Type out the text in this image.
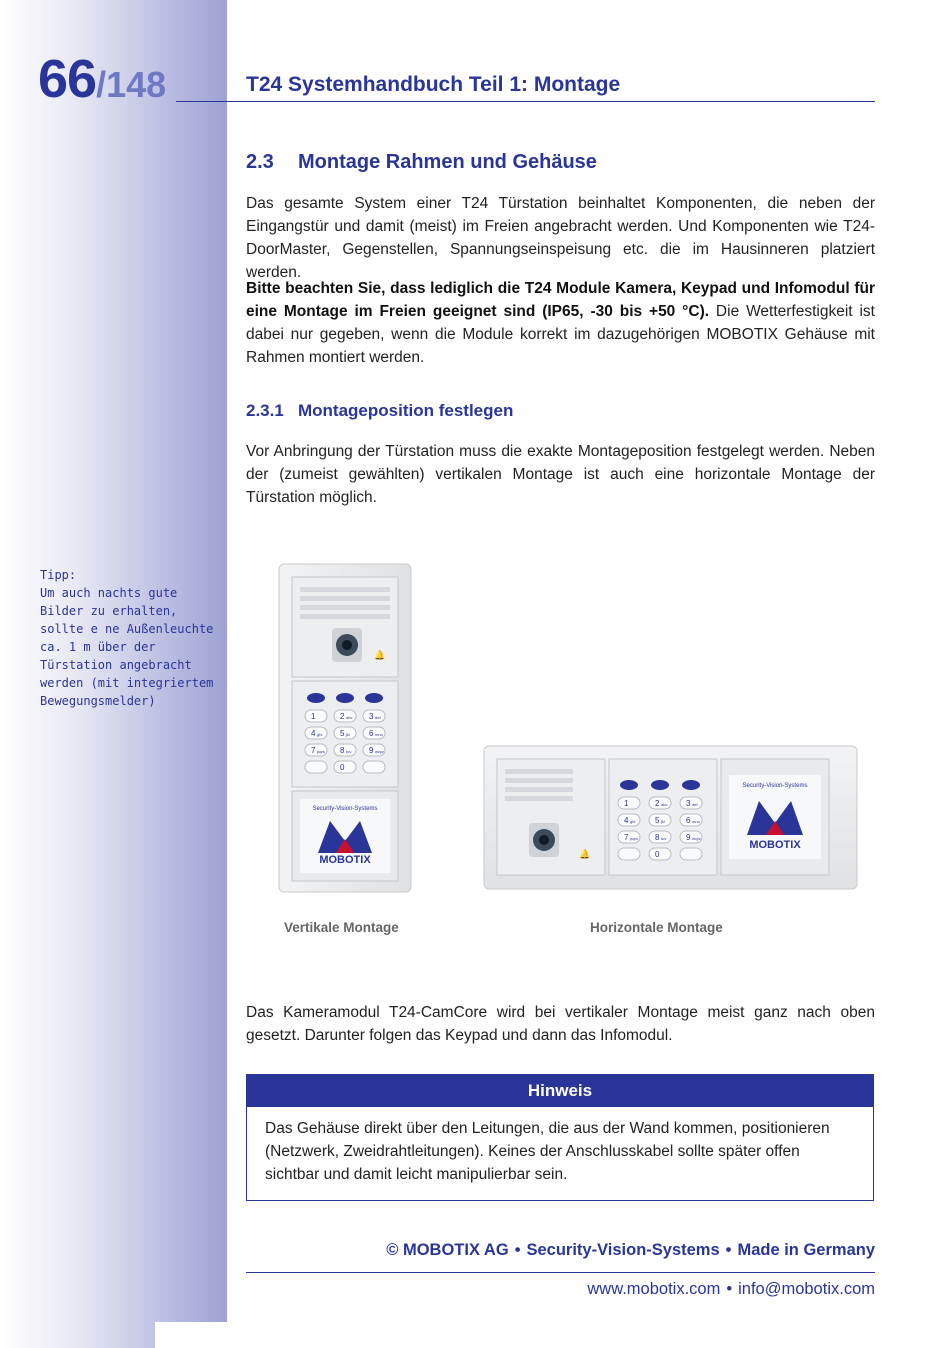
66/148	T24 Systemhandbuch Teil 1: Montage
2.3 Montage Rahmen und Gehäuse
Das gesamte System einer T24 Türstation beinhaltet Komponenten, die neben der Eingangstür und damit (meist) im Freien angebracht werden. Und Komponenten wie T24-DoorMaster, Gegenstellen, Spannungseinspeisung etc. die im Hausinneren platziert werden.
Bitte beachten Sie, dass lediglich die T24 Module Kamera, Keypad und Infomodul für eine Montage im Freien geeignet sind (IP65, -30 bis +50 °C). Die Wetterfestigkeit ist dabei nur gegeben, wenn die Module korrekt im dazugehörigen MOBOTIX Gehäuse mit Rahmen montiert werden.
2.3.1 Montageposition festlegen
Vor Anbringung der Türstation muss die exakte Montageposition festgelegt werden. Neben der (zumeist gewählten) vertikalen Montage ist auch eine horizontale Montage der Türstation möglich.
Tipp:
Um auch nachts gute
Bilder zu erhalten,
sollte e ne Außenleuchte
ca. 1 m über der
Türstation angebracht
werden (mit integriertem
Bewegungsmelder)
🔔
1	2 abc 3 def
4 ghi 5 jkl 6 mno
7 pqrs 8 tuv 9 wxyz
0
Security-Vision-Systems
MOBOTIX	🔔
1	2 abc 3 def
4 ghi 5 jkl	6 mno
7 pqrs 8 tuv 9 wxyz
0
Security-Vision-Systems
MOBOTIX
Vertikale Montage	Horizontale Montage
Das Kameramodul T24-CamCore wird bei vertikaler Montage meist ganz nach oben gesetzt. Darunter folgen das Keypad und dann das Infomodul.
Hinweis
Das Gehäuse direkt über den Leitungen, die aus der Wand kommen, positionieren (Netzwerk, Zweidrahtleitungen). Keines der Anschlusskabel sollte später offen sichtbar und damit leicht manipulierbar sein.
© MOBOTIX AG • Security-Vision-Systems • Made in Germany
www.mobotix.com • info@mobotix.com
